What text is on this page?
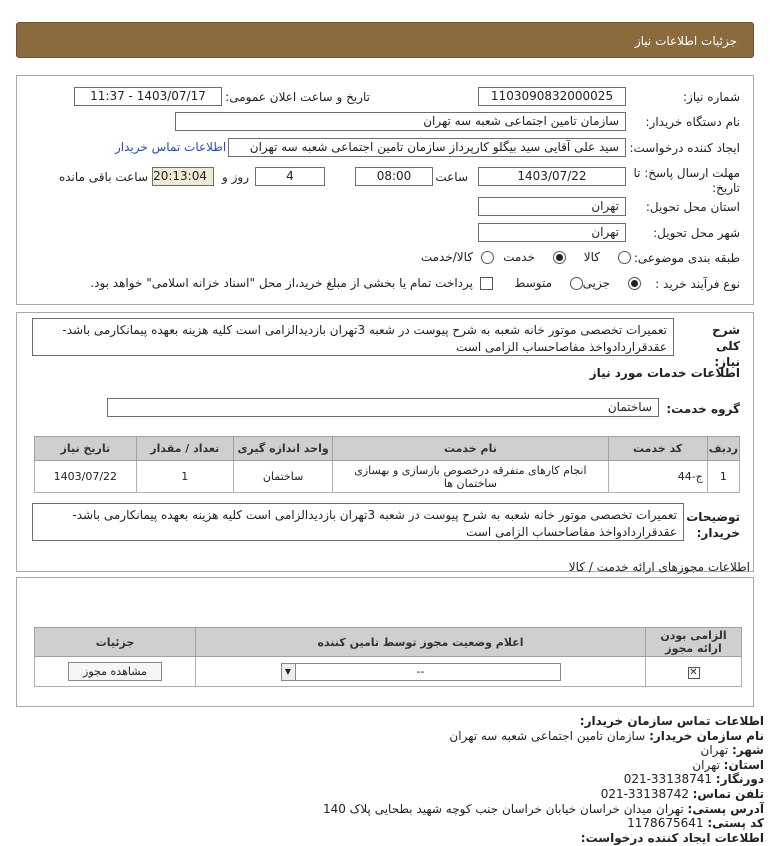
جزئیات اطلاعات نیاز
شماره نیاز:
1103090832000025
تاریخ و ساعت اعلان عمومی:
1403/07/17 - 11:37
نام دستگاه خریدار:
سازمان تامین اجتماعی شعبه سه تهران
ایجاد کننده درخواست:
سید علی آقایی سید بیگلو کارپرداز سازمان تامین اجتماعی شعبه سه تهران
اطلاعات تماس خریدار
مهلت ارسال پاسخ: تا تاریخ:
1403/07/22
ساعت
08:00
4
روز و
20:13:04
ساعت باقی مانده
استان محل تحویل:
تهران
شهر محل تحویل:
تهران
طبقه بندی موضوعی:
کالا
خدمت
کالا/خدمت
نوع فرآیند خرید :
جزیی
متوسط
پرداخت تمام یا بخشی از مبلغ خرید،از محل "اسناد خزانه اسلامی" خواهد بود.
شرح کلی نیاز:
تعمیرات تخصصی موتور خانه شعبه به شرح پیوست در شعبه 3تهران بازدیدالزامی است کلیه هزینه بعهده پیمانکارمی باشد- عقدقراردادواخذ مفاصاحساب الزامی است
اطلاعات خدمات مورد نیاز
گروه خدمت:
ساختمان
ردیف	کد خدمت	نام خدمت	واحد اندازه گیری	تعداد / مقدار	تاریخ نیاز
1	ج-44	انجام کارهای متفرقه درخصوص بازسازی و بهسازی ساختمان ها	ساختمان	1	1403/07/22
توضیحات خریدار:
تعمیرات تخصصی موتور خانه شعبه به شرح پیوست در شعبه 3تهران بازدیدالزامی است کلیه هزینه بعهده پیمانکارمی باشد- عقدقراردادواخذ مفاصاحساب الزامی است
اطلاعات مجوزهای ارائه خدمت / کالا
الزامی بودن ارائه مجوز	اعلام وضعیت مجوز توسط تامین کننده	جزئیات
✕	▼ --	مشاهده مجوز
اطلاعات تماس سازمان خریدار:
نام سازمان خریدار: سازمان تامین اجتماعی شعبه سه تهران
شهر: تهران
استان:
تهران
دورنگار:
021-33138741
تلفن تماس:
021-33138742
آدرس پستی: تهران میدان خراسان خیابان خراسان جنب کوچه شهید بطحایی پلاک 140
کد پستی: 1178675641
اطلاعات ایجاد کننده درخواست:
